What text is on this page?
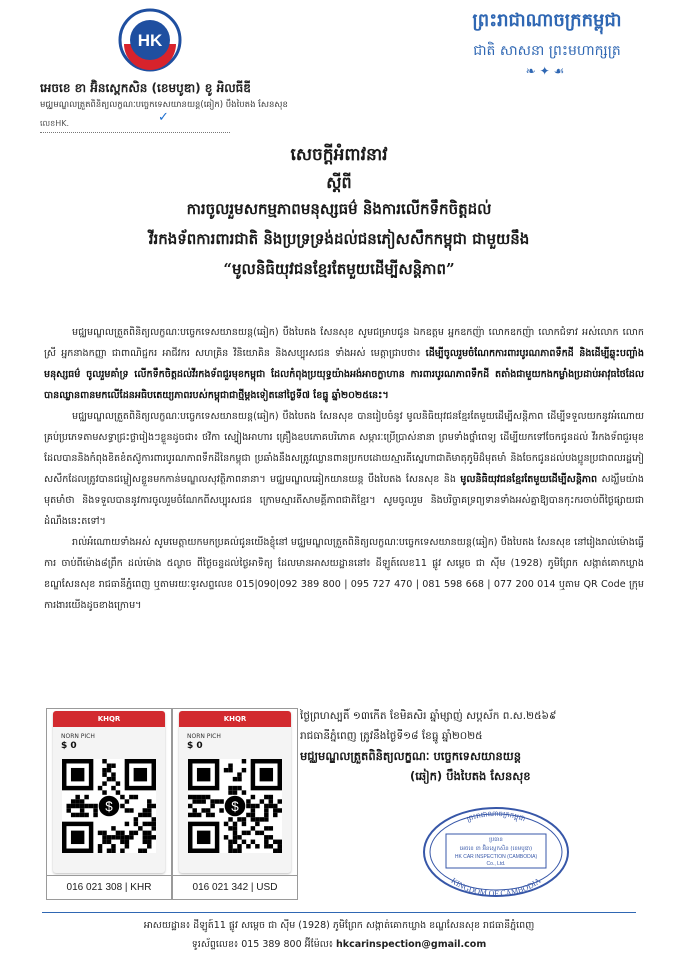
HK
អេចខេ ខា អ៊ិនស្ពេកសិន (ខេមបូឌា) ខូ អិលធីឌី
មជ្ឈមណ្ឌលត្រួតពិនិត្យលក្ខណៈបច្ចេកទេសយានយន្ត(ឆៀក) បឹងបៃតង សែនសុខ
លេខHK.	✓
ព្រះរាជាណាចក្រកម្ពុជា
ជាតិ សាសនា ព្រះមហាក្សត្រ
❧✦☙
សេចក្តីអំពាវនាវ
ស្តីពី
ការចូលរួមសកម្មភាពមនុស្សធម៌ និងការលើកទឹកចិត្តដល់
វីរកងទ័ពការពារជាតិ និងប្រទ្រទ្រង់ដល់ជនភៀសសឹកកម្ពុជា ជាមួយនឹង
“មូលនិធិយុវជនខ្មែរតែមួយដើម្បីសន្តិភាព”

មជ្ឈមណ្ឌលត្រួតពិនិត្យលក្ខណៈបច្ចេកទេសយានយន្ត(ឆៀក) បឹងបៃតង សែនសុខ សូមជម្រាបជូន ឯកឧត្តម អ្នកឧកញ៉ា លោកឧកញ៉ា លោកជំទាវ អស់លោក លោកស្រី អ្នកនាងកញ្ញា ជាពាណិជ្ជករ អាជីវករ សហគ្រិន វិនិយោគិន និងសប្បុរសជន ទាំងអស់ មេត្តាជ្រាបថា៖ ដើម្បីចូលរួមចំណែកការពារបូរណភាពទឹកដី និងដើម្បីឆ្លុះបញ្ចាំងមនុស្សធម៌ ចូលរួមគាំទ្រ លើកទឹកចិត្តដល់វីរកងទ័ពជួរមុខកម្ពុជា ដែលកំពុងប្រយុទ្ធយ៉ាងអង់អាចក្លាហាន ការពារបូរណភាពទឹកដី តតាំងជាមួយកងកម្លាំងប្រដាប់អាវុធថៃដែលបានឈ្លានពានមកលើដែនអធិបតេយ្យភាពរបស់កម្ពុជាជាថ្មីម្តងទៀតនៅថ្ងៃទី៧ ខែធ្នូ ឆ្នាំ២០២៥នេះ។

មជ្ឈមណ្ឌលត្រួតពិនិត្យលក្ខណៈបច្ចេកទេសយានយន្ត(ឆៀក) បឹងបៃតង សែនសុខ បានរៀបចំនូវ មូលនិធិយុវជនខ្មែរតែមួយដើម្បីសន្តិភាព ដើម្បីទទួលយកនូវអំណោយគ្រប់ប្រភេទតាមសទ្ធាជ្រះថ្លារៀងៗខ្លួនដូចជា៖ ថវិកា ស្បៀងអាហារ គ្រឿងឧបភោគបរិភោគ សម្ភារៈប្រើប្រាស់នានា ព្រមទាំងថ្នាំពេទ្យ ដើម្បីយកទៅចែកជូនដល់ វីរកងទ័ពជួរមុខ ដែលបាននិងកំពុងខិតខំតស៊ូការពារបូរណភាពទឹកដីនៃកម្ពុជា ប្រឆាំងនឹងសត្រូវឈ្លានពានប្រកបដោយស្មារតីស្នេហាជាតិមាតុភូមិដ៏មុតមាំ និងចែកជូនដល់បងប្អូនប្រជាពលរដ្ឋភៀសសឹកដែលត្រូវបានជម្លៀសខ្លួនមកកាន់មណ្ឌលសុវត្ថិភាពនានា។ មជ្ឈមណ្ឌលឆៀកយានយន្ត បឹងបៃតង សែនសុខ និង មូលនិធិយុវជនខ្មែរតែមួយដើម្បីសន្តិភាព សង្ឃឹមយ៉ាងមុតមាំថា និងទទួលបាននូវការចូលរួមចំណែកពីសប្បុរសជន ក្រោមស្មារតីសាមគ្គីភាពជាតិខ្មែរ។ សូមចូលរួម និងបរិច្ចាគទ្រព្យទានទាំងអស់គ្នាឱ្យបានកុះករចាប់ពីថ្ងៃផ្សាយជាដំណឹងនេះតទៅ។

រាល់អំណោយទាំងអស់ សូមមេត្តាយកមកប្រគល់ជូនយើងខ្ញុំនៅ មជ្ឈមណ្ឌលត្រួតពិនិត្យលក្ខណៈបច្ចេកទេសយានយន្ត(ឆៀក) បឹងបៃតង សែនសុខ នៅរៀងរាល់ម៉ោងធ្វើការ ចាប់ពីម៉ោង៨ព្រឹក ដល់ម៉ោង ៥ល្ងាច ពីថ្ងៃចន្ទដល់ថ្ងៃអាទិត្យ ដែលមានអាសយដ្ឋាននៅ៖ ដីឡូត៍លេខ11 ផ្លូវ សម្តេច ជា ស៊ីម (1928) ភូមិព្រែក សង្កាត់គោកឃ្លាង ខណ្ឌសែនសុខ រាជធានីភ្នំពេញ ឬតាមរយៈទូរសព្ទលេខ 015|090|092 389 800 | 095 727 470 | 081 598 668 | 077 200 014 ឬតាម QR Code ក្រុមការងារយើងដូចខាងក្រោម។

KHQR
NORN PICH
$ 0
$
016 021 308 | KHR
KHQR
NORN PICH
$ 0
$
016 021 342 | USD
ថ្ងៃព្រហស្បតិ៍ ១៣កើត ខែមិគសិរ ឆ្នាំម្សាញ់ សប្តស័ក ព.ស.២៥៦៩
រាជធានីភ្នំពេញ ត្រូវនឹងថ្ងៃទី១៨ ខែធ្នូ ឆ្នាំ២០២៥
មជ្ឈមណ្ឌលត្រួតពិនិត្យលក្ខណៈ បច្ចេកទេសយានយន្ត
(ឆៀក) បឹងបៃតង សែនសុខ
ព្រះរាជាណាចក្រកម្ពុជា
ប្រធាន
អេចខេ ខា អ៊ិនស្ពេកសិន (ខេមបូឌា)
HK CAR INSPECTION (CAMBODIA)
Co., Ltd.
KINGDOM OF CAMBODIA
អាសយដ្ឋាន៖ ដីឡូត៍11 ផ្លូវ សម្តេច ជា ស៊ីម (1928) ភូមិព្រែក សង្កាត់គោកឃ្លាង ខណ្ឌសែនសុខ រាជធានីភ្នំពេញ
ទូរស័ព្ទលេខ៖ 015 389 800 អ៊ីម៉ែល៖ hkcarinspection@gmail.com
